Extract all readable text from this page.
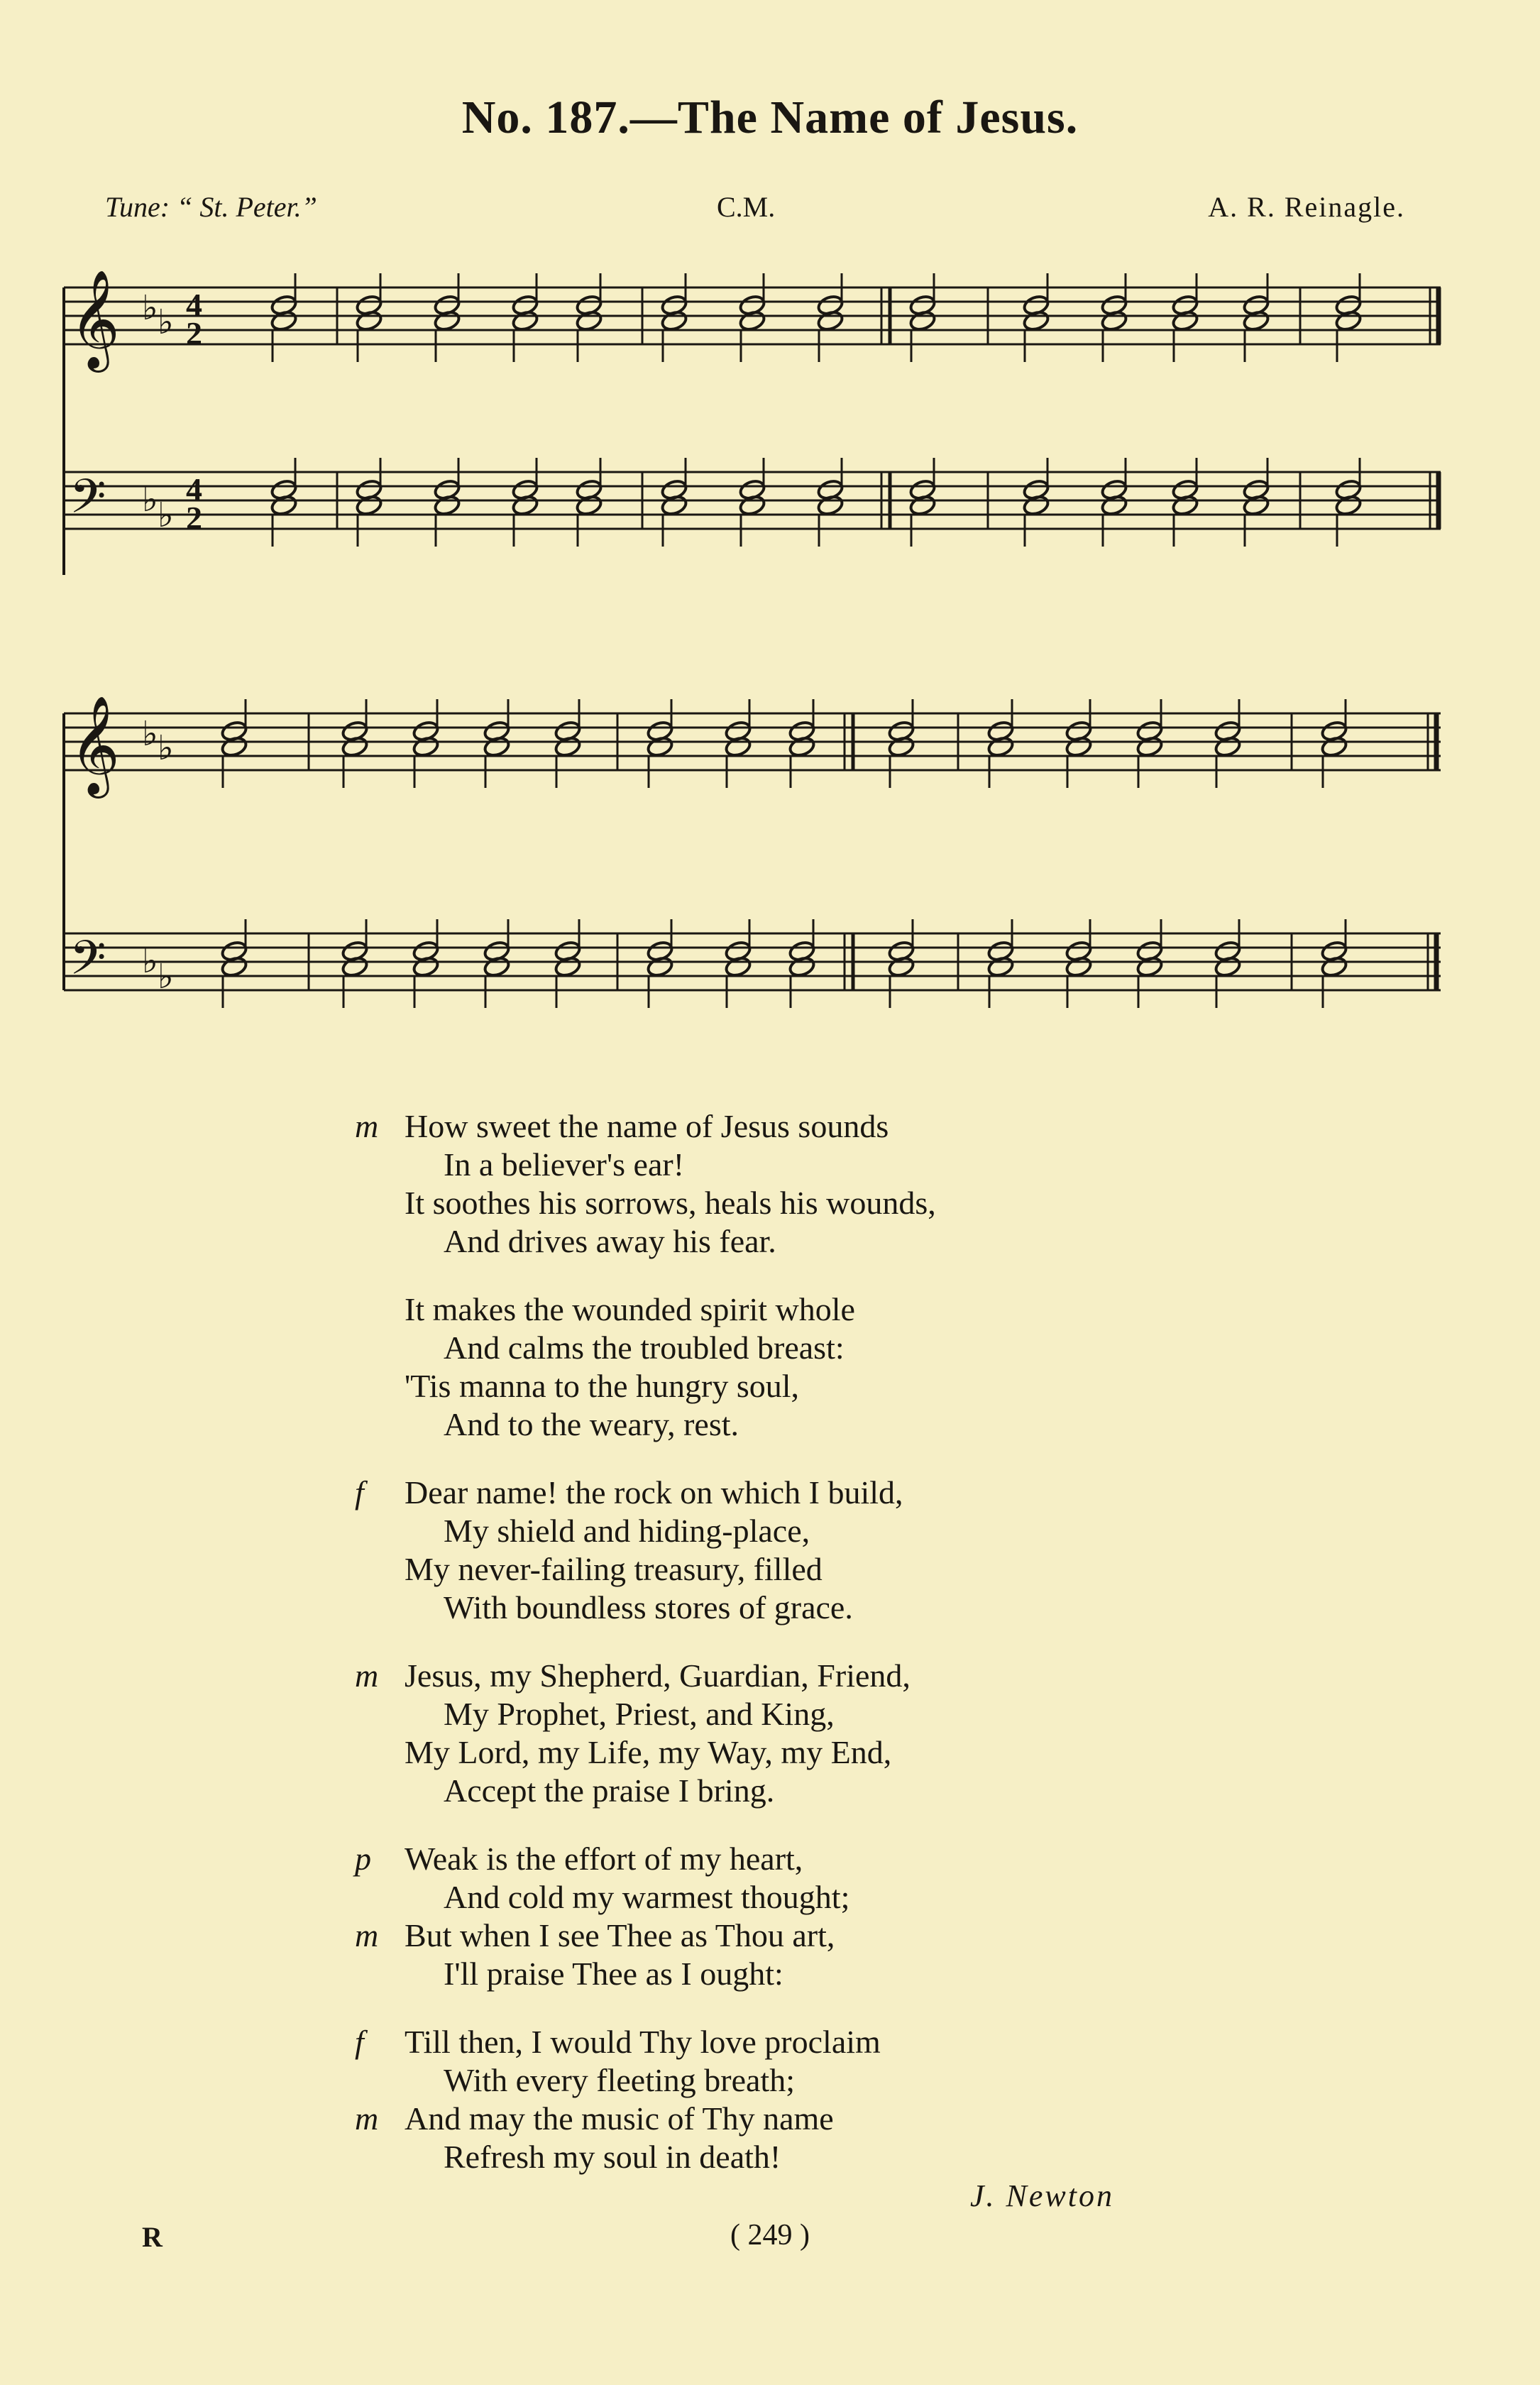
No. 187.—The Name of Jesus.
Tune: “ St. Peter.”	C.M.	A. R. Reinagle.
𝄞
𝄢
♭ ♭
♭ ♭
4
2
4
2
𝄞
𝄢
♭ ♭
♭ ♭
m How sweet the name of Jesus sounds
In a believer's ear!
It soothes his sorrows, heals his wounds,
And drives away his fear.
It makes the wounded spirit whole
And calms the troubled breast:
'Tis manna to the hungry soul,
And to the weary, rest.
f Dear name! the rock on which I build,
My shield and hiding-place,
My never-failing treasury, filled
With boundless stores of grace.
m Jesus, my Shepherd, Guardian, Friend,
My Prophet, Priest, and King,
My Lord, my Life, my Way, my End,
Accept the praise I bring.
p Weak is the effort of my heart,
And cold my warmest thought;
m But when I see Thee as Thou art,
I'll praise Thee as I ought:
f Till then, I would Thy love proclaim
With every fleeting breath;
m And may the music of Thy name
Refresh my soul in death!
J. Newton
R	( 249 )
